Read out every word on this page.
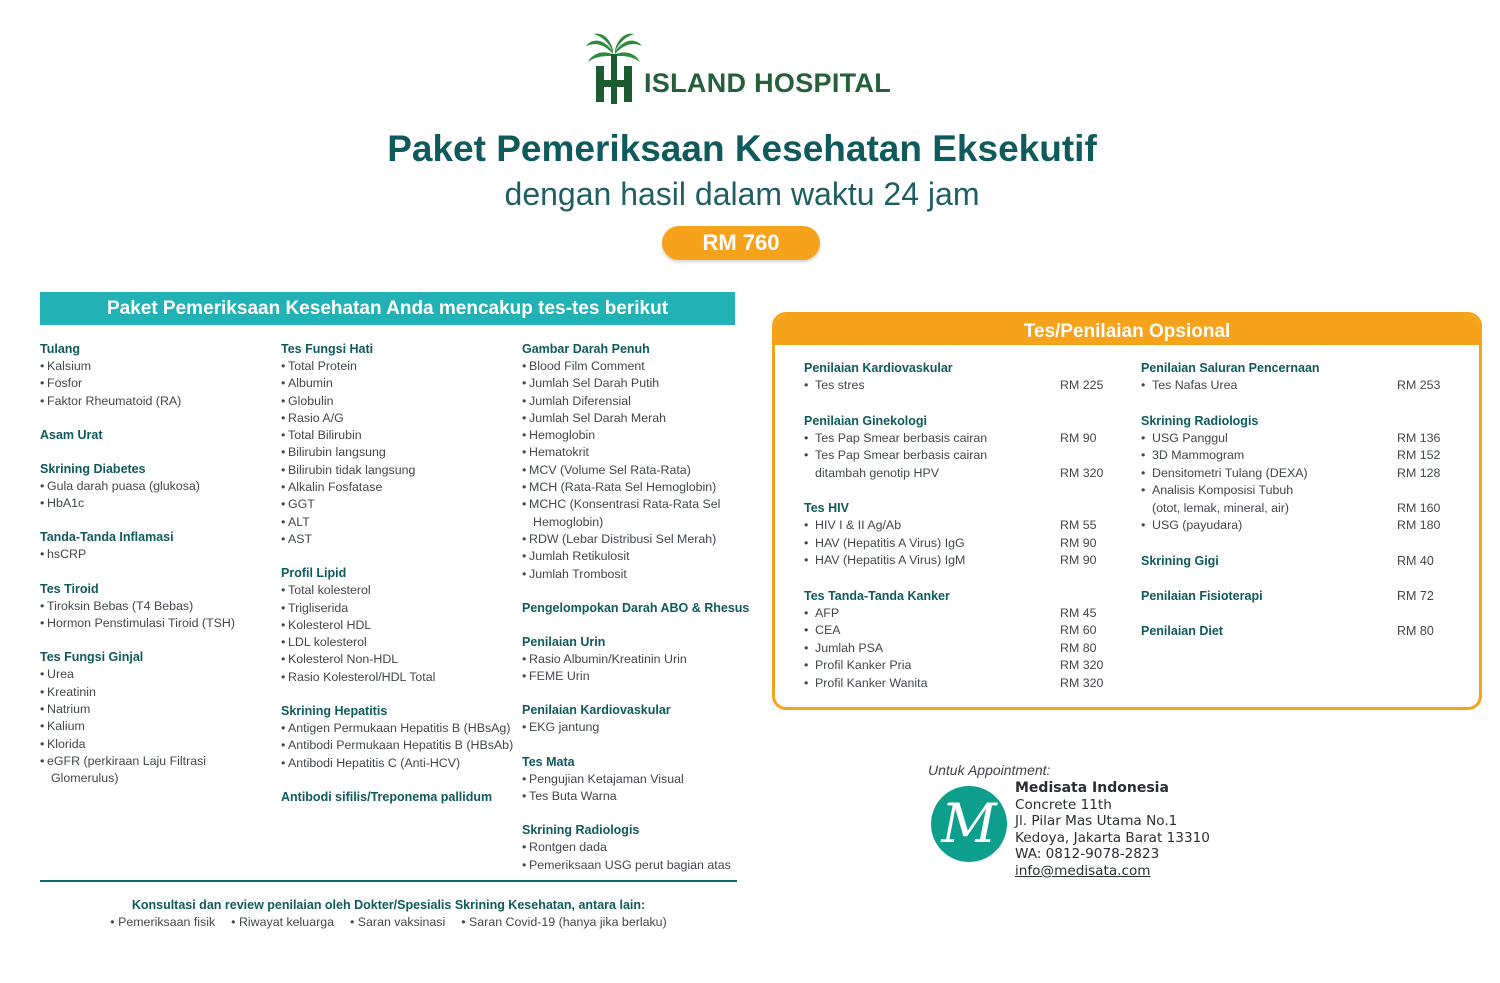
ISLAND HOSPITAL
Paket Pemeriksaan Kesehatan Eksekutif
dengan hasil dalam waktu 24 jam
RM 760
Paket Pemeriksaan Kesehatan Anda mencakup tes-tes berikut
Tulang
• Kalsium
• Fosfor
• Faktor Rheumatoid (RA)
Asam Urat
Skrining Diabetes
• Gula darah puasa (glukosa)
• HbA1c
Tanda-Tanda Inflamasi
• hsCRP
Tes Tiroid
• Tiroksin Bebas (T4 Bebas)
• Hormon Penstimulasi Tiroid (TSH)
Tes Fungsi Ginjal
• Urea
• Kreatinin
• Natrium
• Kalium
• Klorida
• eGFR (perkiraan Laju Filtrasi Glomerulus)
Tes Fungsi Hati
• Total Protein
• Albumin
• Globulin
• Rasio A/G
• Total Bilirubin
• Bilirubin langsung
• Bilirubin tidak langsung
• Alkalin Fosfatase
• GGT
• ALT
• AST
Profil Lipid
• Total kolesterol
• Trigliserida
• Kolesterol HDL
• LDL kolesterol
• Kolesterol Non-HDL
• Rasio Kolesterol/HDL Total
Skrining Hepatitis
• Antigen Permukaan Hepatitis B (HBsAg)
• Antibodi Permukaan Hepatitis B (HBsAb)
• Antibodi Hepatitis C (Anti-HCV)
Antibodi sifilis/Treponema pallidum
Gambar Darah Penuh
• Blood Film Comment
• Jumlah Sel Darah Putih
• Jumlah Diferensial
• Jumlah Sel Darah Merah
• Hemoglobin
• Hematokrit
• MCV (Volume Sel Rata-Rata)
• MCH (Rata-Rata Sel Hemoglobin)
• MCHC (Konsentrasi Rata-Rata Sel Hemoglobin)
• RDW (Lebar Distribusi Sel Merah)
• Jumlah Retikulosit
• Jumlah Trombosit
Pengelompokan Darah ABO & Rhesus
Penilaian Urin
• Rasio Albumin/Kreatinin Urin
• FEME Urin
Penilaian Kardiovaskular
• EKG jantung
Tes Mata
• Pengujian Ketajaman Visual
• Tes Buta Warna
Skrining Radiologis
• Rontgen dada
• Pemeriksaan USG perut bagian atas
Konsultasi dan review penilaian oleh Dokter/Spesialis Skrining Kesehatan, antara lain:
• Pemeriksaan fisik • Riwayat keluarga • Saran vaksinasi • Saran Covid-19 (hanya jika berlaku)
Tes/Penilaian Opsional
Penilaian Kardiovaskular
• Tes stres	RM 225
Penilaian Ginekologi
• Tes Pap Smear berbasis cairan	RM 90
• Tes Pap Smear berbasis cairan
ditambah genotip HPV	RM 320
Tes HIV
• HIV I & II Ag/Ab	RM 55
• HAV (Hepatitis A Virus) IgG	RM 90
• HAV (Hepatitis A Virus) IgM	RM 90
Tes Tanda-Tanda Kanker
• AFP	RM 45
• CEA	RM 60
• Jumlah PSA	RM 80
• Profil Kanker Pria	RM 320
• Profil Kanker Wanita	RM 320
Penilaian Saluran Pencernaan
• Tes Nafas Urea	RM 253
Skrining Radiologis
• USG Panggul	RM 136
• 3D Mammogram	RM 152
• Densitometri Tulang (DEXA)	RM 128
• Analisis Komposisi Tubuh
(otot, lemak, mineral, air)	RM 160
• USG (payudara)	RM 180
Skrining Gigi	RM 40
Penilaian Fisioterapi	RM 72
Penilaian Diet	RM 80
Untuk Appointment:
M
Medisata Indonesia
Concrete 11th
Jl. Pilar Mas Utama No.1
Kedoya, Jakarta Barat 13310
WA: 0812-9078-2823
info@medisata.com
